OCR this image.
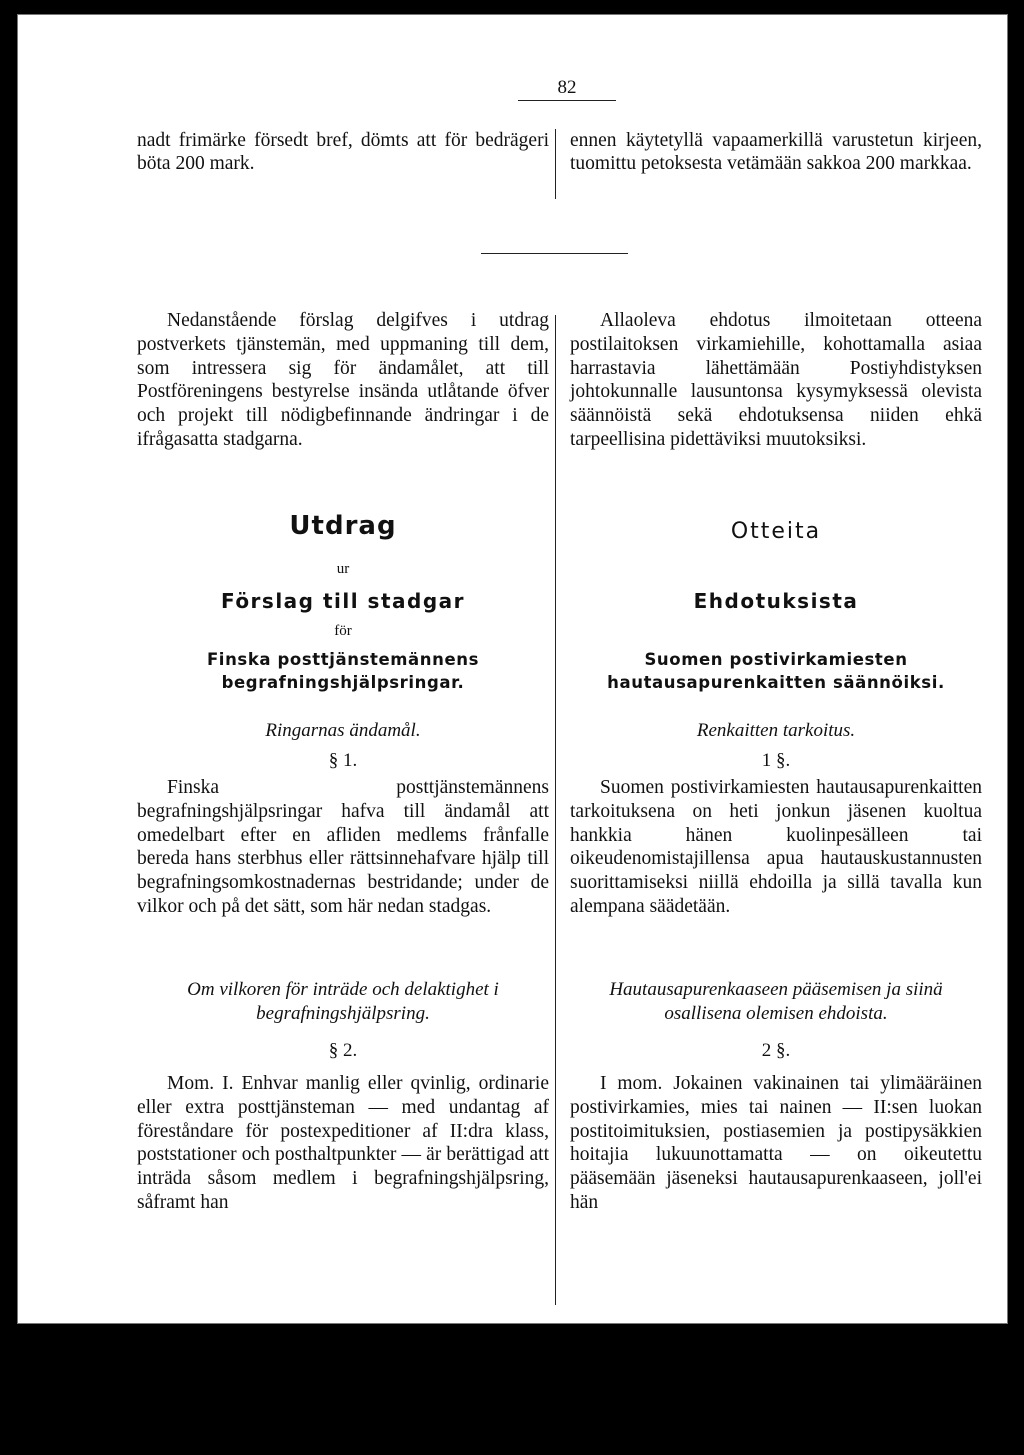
82

nadt frimärke försedt bref, dömts att för bedrägeri böta 200 mark.

ennen käytetyllä vapaamerkillä varustetun kirjeen, tuomittu petoksesta vetämään sakkoa 200 markkaa.

Nedanstående förslag delgifves i utdrag postverkets tjänstemän, med uppmaning till dem, som intressera sig för ändamålet, att till Postföreningens bestyrelse insända utlåtande öfver och projekt till nödigbefinnande ändringar i de ifrågasatta stadgarna.

Utdrag
ur
Förslag till stadgar
för
Finska posttjänstemännens begrafningshjälpsringar.
Ringarnas ändamål.
§ 1.

Finska posttjänstemännens begrafningshjälpsringar hafva till ändamål att omedelbart efter en afliden medlems frånfalle bereda hans sterbhus eller rättsinnehafvare hjälp till begrafningsomkostnadernas bestridande; under de vilkor och på det sätt, som här nedan stadgas.

Om vilkoren för inträde och delaktighet i begrafningshjälpsring.
§ 2.

Mom. I. Enhvar manlig eller qvinlig, ordinarie eller extra posttjänsteman — med undantag af föreståndare för postexpeditioner af II:dra klass, poststationer och posthaltpunkter — är berättigad att inträda såsom medlem i begrafningshjälpsring, såframt han

Allaoleva ehdotus ilmoitetaan otteena postilaitoksen virkamiehille, kohottamalla asiaa harrastavia lähettämään Postiyhdistyksen johtokunnalle lausuntonsa kysymyksessä olevista säännöistä sekä ehdotuksensa niiden ehkä tarpeellisina pidettäviksi muutoksiksi.

Otteita
Ehdotuksista
Suomen postivirkamiesten hautausapurenkaitten säännöiksi.
Renkaitten tarkoitus.
1 §.

Suomen postivirkamiesten hautausapurenkaitten tarkoituksena on heti jonkun jäsenen kuoltua hankkia hänen kuolinpesälleen tai oikeudenomistajillensa apua hautauskustannusten suorittamiseksi niillä ehdoilla ja sillä tavalla kun alempana säädetään.

Hautausapurenkaaseen pääsemisen ja siinä osallisena olemisen ehdoista.
2 §.

I mom. Jokainen vakinainen tai ylimääräinen postivirkamies, mies tai nainen — II:sen luokan postitoimituksien, postiasemien ja postipysäkkien hoitajia lukuunottamatta — on oikeutettu pääsemään jäseneksi hautausapurenkaaseen, joll'ei hän
